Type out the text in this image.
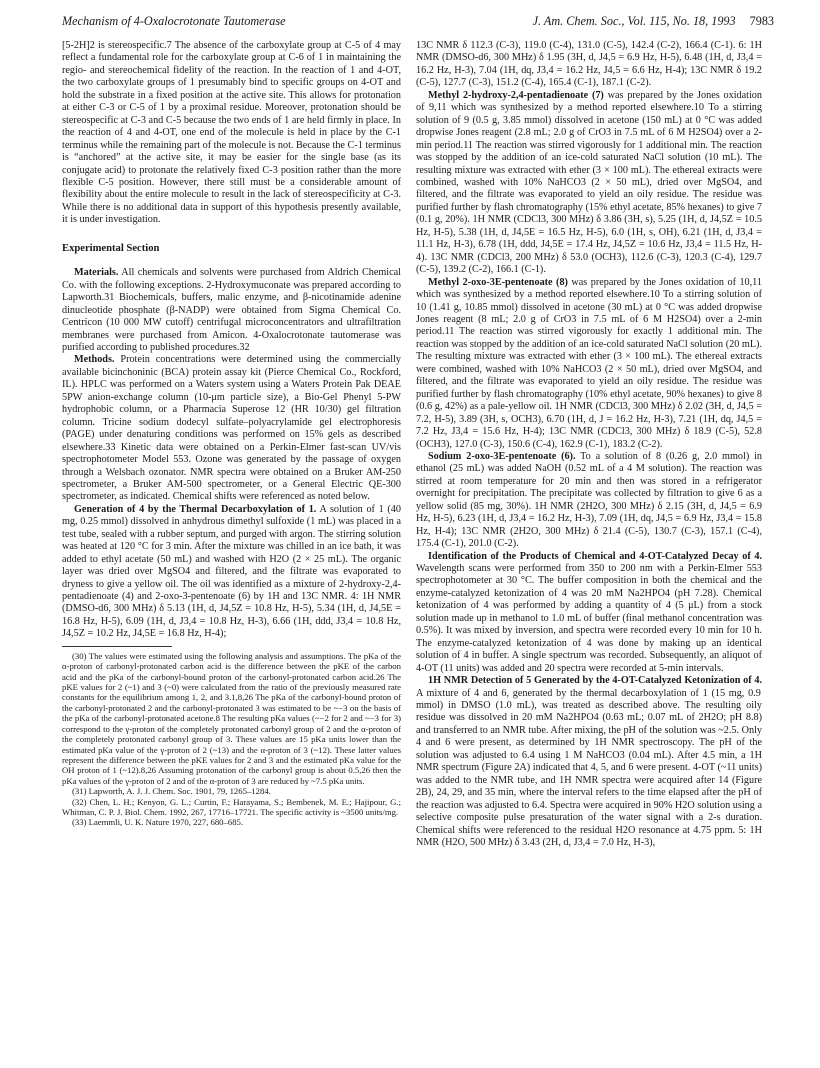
Mechanism of 4-Oxalocrotonate Tautomerase	J. Am. Chem. Soc., Vol. 115, No. 18, 1993 7983

[5-2H]2 is stereospecific.7 The absence of the carboxylate group at C-5 of 4 may reflect a fundamental role for the carboxylate group at C-6 of 1 in maintaining the regio- and stereochemical fidelity of the reaction. In the reaction of 1 and 4-OT, the two carboxylate groups of 1 presumably bind to specific groups on 4-OT and hold the substrate in a fixed position at the active site. This allows for protonation at either C-3 or C-5 of 1 by a proximal residue. Moreover, protonation should be stereospecific at C-3 and C-5 because the two ends of 1 are held firmly in place. In the reaction of 4 and 4-OT, one end of the molecule is held in place by the C-1 terminus while the remaining part of the molecule is not. Because the C-1 terminus is “anchored” at the active site, it may be easier for the single base (as its conjugate acid) to protonate the relatively fixed C-3 position rather than the more flexible C-5 position. However, there still must be a considerable amount of flexibility about the entire molecule to result in the lack of stereospecificity at C-3. While there is no additional data in support of this hypothesis presently available, it is under investigation.

Experimental Section

Materials. All chemicals and solvents were purchased from Aldrich Chemical Co. with the following exceptions. 2-Hydroxymuconate was prepared according to Lapworth.31 Biochemicals, buffers, malic enzyme, and β-nicotinamide adenine dinucleotide phosphate (β-NADP) were obtained from Sigma Chemical Co. Centricon (10 000 MW cutoff) centrifugal microconcentrators and ultrafiltration membranes were purchased from Amicon. 4-Oxalocrotonate tautomerase was purified according to published procedures.32

Methods. Protein concentrations were determined using the commercially available bicinchoninic (BCA) protein assay kit (Pierce Chemical Co., Rockford, IL). HPLC was performed on a Waters system using a Waters Protein Pak DEAE 5PW anion-exchange column (10-μm particle size), a Bio-Gel Phenyl 5-PW hydrophobic column, or a Pharmacia Superose 12 (HR 10/30) gel filtration column. Tricine sodium dodecyl sulfate–polyacrylamide gel electrophoresis (PAGE) under denaturing conditions was performed on 15% gels as described elsewhere.33 Kinetic data were obtained on a Perkin-Elmer fast-scan UV/vis spectrophotometer Model 553. Ozone was generated by the passage of oxygen through a Welsbach ozonator. NMR spectra were obtained on a Bruker AM-250 spectrometer, a Bruker AM-500 spectrometer, or a General Electric QE-300 spectrometer, as indicated. Chemical shifts were referenced as noted below.

Generation of 4 by the Thermal Decarboxylation of 1. A solution of 1 (40 mg, 0.25 mmol) dissolved in anhydrous dimethyl sulfoxide (1 mL) was placed in a test tube, sealed with a rubber septum, and purged with argon. The stirring solution was heated at 120 °C for 3 min. After the mixture was chilled in an ice bath, it was added to ethyl acetate (50 mL) and washed with H2O (2 × 25 mL). The organic layer was dried over MgSO4 and filtered, and the filtrate was evaporated to dryness to give a yellow oil. The oil was identified as a mixture of 2-hydroxy-2,4-pentadienoate (4) and 2-oxo-3-pentenoate (6) by 1H and 13C NMR. 4: 1H NMR (DMSO-d6, 300 MHz) δ 5.13 (1H, d, J4,5Z = 10.8 Hz, H-5), 5.34 (1H, d, J4,5E = 16.8 Hz, H-5), 6.09 (1H, d, J3,4 = 10.8 Hz, H-3), 6.66 (1H, ddd, J3,4 = 10.8 Hz, J4,5Z = 10.2 Hz, J4,5E = 16.8 Hz, H-4);

(30) The values were estimated using the following analysis and assumptions. The pKa of the α-proton of carbonyl-protonated carbon acid is the difference between the pKE of the carbon acid and the pKa of the carbonyl-bound proton of the carbonyl-protonated carbon acid.26 The pKE values for 2 (~1) and 3 (~0) were calculated from the ratio of the previously measured rate constants for the equilibrium among 1, 2, and 3.1,8,26 The pKa of the carbonyl-bound proton of the carbonyl-protonated 2 and the carbonyl-protonated 3 was estimated to be ~−3 on the basis of the pKa of the carbonyl-protonated acetone.8 The resulting pKa values (~−2 for 2 and ~−3 for 3) correspond to the γ-proton of the completely protonated carbonyl group of 2 and the α-proton of the completely protonated carbonyl group of 3. These values are 15 pKa units lower than the estimated pKa value of the γ-proton of 2 (~13) and the α-proton of 3 (~12). These latter values represent the difference between the pKE values for 2 and 3 and the estimated pKa value for the OH proton of 1 (~12).8,26 Assuming protonation of the carbonyl group is about 0.5,26 then the pKa values of the γ-proton of 2 and of the α-proton of 3 are reduced by ~7.5 pKa units.

(31) Lapworth, A. J. J. Chem. Soc. 1901, 79, 1265–1284.

(32) Chen, L. H.; Kenyon, G. L.; Curtin, F.; Harayama, S.; Bembenek, M. E.; Hajipour, G.; Whitman, C. P. J. Biol. Chem. 1992, 267, 17716–17721. The specific activity is ~3500 units/mg.

(33) Laemmli, U. K. Nature 1970, 227, 680–685.

13C NMR δ 112.3 (C-3), 119.0 (C-4), 131.0 (C-5), 142.4 (C-2), 166.4 (C-1). 6: 1H NMR (DMSO-d6, 300 MHz) δ 1.95 (3H, d, J4,5 = 6.9 Hz, H-5), 6.48 (1H, d, J3,4 = 16.2 Hz, H-3), 7.04 (1H, dq, J3,4 = 16.2 Hz, J4,5 = 6.6 Hz, H-4); 13C NMR δ 19.2 (C-5), 127.7 (C-3), 151.2 (C-4), 165.4 (C-1), 187.1 (C-2).

Methyl 2-hydroxy-2,4-pentadienoate (7) was prepared by the Jones oxidation of 9,11 which was synthesized by a method reported elsewhere.10 To a stirring solution of 9 (0.5 g, 3.85 mmol) dissolved in acetone (150 mL) at 0 °C was added dropwise Jones reagent (2.8 mL; 2.0 g of CrO3 in 7.5 mL of 6 M H2SO4) over a 2-min period.11 The reaction was stirred vigorously for 1 additional min. The reaction was stopped by the addition of an ice-cold saturated NaCl solution (10 mL). The resulting mixture was extracted with ether (3 × 100 mL). The ethereal extracts were combined, washed with 10% NaHCO3 (2 × 50 mL), dried over MgSO4, and filtered, and the filtrate was evaporated to yield an oily residue. The residue was purified further by flash chromatography (15% ethyl acetate, 85% hexanes) to give 7 (0.1 g, 20%). 1H NMR (CDCl3, 300 MHz) δ 3.86 (3H, s), 5.25 (1H, d, J4,5Z = 10.5 Hz, H-5), 5.38 (1H, d, J4,5E = 16.5 Hz, H-5), 6.0 (1H, s, OH), 6.21 (1H, d, J3,4 = 11.1 Hz, H-3), 6.78 (1H, ddd, J4,5E = 17.4 Hz, J4,5Z = 10.6 Hz, J3,4 = 11.5 Hz, H-4). 13C NMR (CDCl3, 200 MHz) δ 53.0 (OCH3), 112.6 (C-3), 120.3 (C-4), 129.7 (C-5), 139.2 (C-2), 166.1 (C-1).

Methyl 2-oxo-3E-pentenoate (8) was prepared by the Jones oxidation of 10,11 which was synthesized by a method reported elsewhere.10 To a stirring solution of 10 (1.41 g, 10.85 mmol) dissolved in acetone (30 mL) at 0 °C was added dropwise Jones reagent (8 mL; 2.0 g of CrO3 in 7.5 mL of 6 M H2SO4) over a 2-min period.11 The reaction was stirred vigorously for exactly 1 additional min. The reaction was stopped by the addition of an ice-cold saturated NaCl solution (20 mL). The resulting mixture was extracted with ether (3 × 100 mL). The ethereal extracts were combined, washed with 10% NaHCO3 (2 × 50 mL), dried over MgSO4, and filtered, and the filtrate was evaporated to yield an oily residue. The residue was purified further by flash chromatography (10% ethyl acetate, 90% hexanes) to give 8 (0.6 g, 42%) as a pale-yellow oil. 1H NMR (CDCl3, 300 MHz) δ 2.02 (3H, d, J4,5 = 7.2, H-5), 3.89 (3H, s, OCH3), 6.70 (1H, d, J = 16.2 Hz, H-3), 7.21 (1H, dq, J4,5 = 7.2 Hz, J3,4 = 15.6 Hz, H-4); 13C NMR (CDCl3, 300 MHz) δ 18.9 (C-5), 52.8 (OCH3), 127.0 (C-3), 150.6 (C-4), 162.9 (C-1), 183.2 (C-2).

Sodium 2-oxo-3E-pentenoate (6). To a solution of 8 (0.26 g, 2.0 mmol) in ethanol (25 mL) was added NaOH (0.52 mL of a 4 M solution). The reaction was stirred at room temperature for 20 min and then was stored in a refrigerator overnight for precipitation. The precipitate was collected by filtration to give 6 as a yellow solid (85 mg, 30%). 1H NMR (2H2O, 300 MHz) δ 2.15 (3H, d, J4,5 = 6.9 Hz, H-5), 6.23 (1H, d, J3,4 = 16.2 Hz, H-3), 7.09 (1H, dq, J4,5 = 6.9 Hz, J3,4 = 15.8 Hz, H-4); 13C NMR (2H2O, 300 MHz) δ 21.4 (C-5), 130.7 (C-3), 157.1 (C-4), 175.4 (C-1), 201.0 (C-2).

Identification of the Products of Chemical and 4-OT-Catalyzed Decay of 4. Wavelength scans were performed from 350 to 200 nm with a Perkin-Elmer 553 spectrophotometer at 30 °C. The buffer composition in both the chemical and the enzyme-catalyzed ketonization of 4 was 20 mM Na2HPO4 (pH 7.28). Chemical ketonization of 4 was performed by adding a quantity of 4 (5 μL) from a stock solution made up in methanol to 1.0 mL of buffer (final methanol concentration was 0.5%). It was mixed by inversion, and spectra were recorded every 10 min for 10 h. The enzyme-catalyzed ketonization of 4 was done by making up an identical solution of 4 in buffer. A single spectrum was recorded. Subsequently, an aliquot of 4-OT (11 units) was added and 20 spectra were recorded at 5-min intervals.

1H NMR Detection of 5 Generated by the 4-OT-Catalyzed Ketonization of 4. A mixture of 4 and 6, generated by the thermal decarboxylation of 1 (15 mg, 0.9 mmol) in DMSO (1.0 mL), was treated as described above. The resulting oily residue was dissolved in 20 mM Na2HPO4 (0.63 mL; 0.07 mL of 2H2O; pH 8.8) and transferred to an NMR tube. After mixing, the pH of the solution was ~2.5. Only 4 and 6 were present, as determined by 1H NMR spectroscopy. The pH of the solution was adjusted to 6.4 using 1 M NaHCO3 (0.04 mL). After 4.5 min, a 1H NMR spectrum (Figure 2A) indicated that 4, 5, and 6 were present. 4-OT (~11 units) was added to the NMR tube, and 1H NMR spectra were acquired after 14 (Figure 2B), 24, 29, and 35 min, where the interval refers to the time elapsed after the pH of the reaction was adjusted to 6.4. Spectra were acquired in 90% H2O solution using a selective composite pulse presaturation of the water signal with a 2-s duration. Chemical shifts were referenced to the residual H2O resonance at 4.75 ppm. 5: 1H NMR (H2O, 500 MHz) δ 3.43 (2H, d, J3,4 = 7.0 Hz, H-3),
